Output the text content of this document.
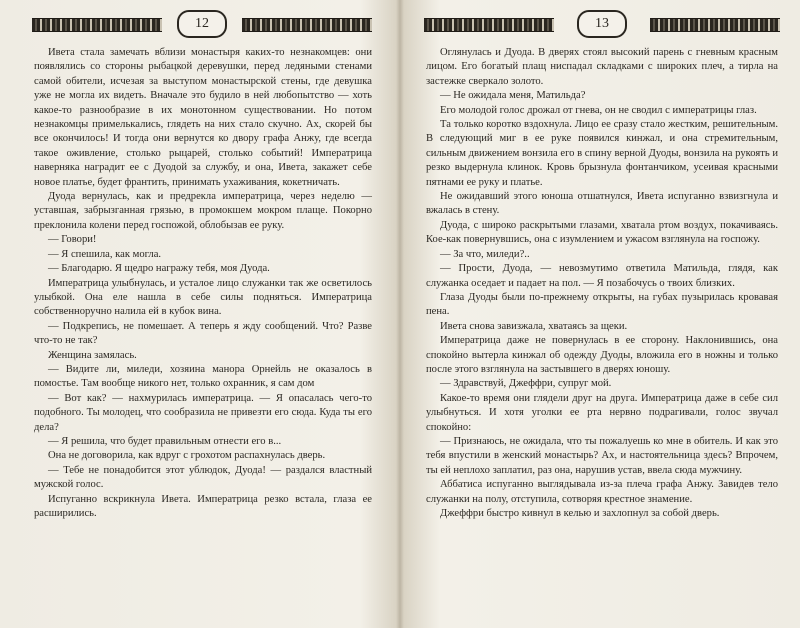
12

Ивета стала замечать вблизи монастыря каких-то незнакомцев: они появлялись со стороны рыбацкой деревушки, перед ледяными стенами самой обители, исчезая за выступом монастырской стены, где девушка уже не могла их видеть. Вначале это будило в ней любопытство — хоть какое-то разнообразие в их монотонном существовании. Но потом незнакомцы примелькались, глядеть на них стало скучно. Ах, скорей бы все окончилось! И тогда они вернутся ко двору графа Анжу, где всегда такое оживление, столько рыцарей, столько событий! Императрица наверняка наградит ее с Дуодой за службу, и она, Ивета, закажет себе новое платье, будет франтить, принимать ухаживания, кокетничать.

Дуода вернулась, как и предрекла императрица, через неделю — уставшая, забрызганная грязью, в промокшем мокром плаще. Покорно преклонила колени перед госпожой, облобызав ее руку.

— Говори!

— Я спешила, как могла.

— Благодарю. Я щедро награжу тебя, моя Дуода.

Императрица улыбнулась, и усталое лицо служанки так же осветилось улыбкой. Она еле нашла в себе силы подняться. Императрица собственноручно налила ей в кубок вина.

— Подкрепись, не помешает. А теперь я жду сообщений. Что? Разве что-то не так?

Женщина замялась.

— Видите ли, миледи, хозяина манора Орнейль не оказалось в помостье. Там вообще никого нет, только охранник, я сам дом

— Вот как? — нахмурилась императрица. — Я опасалась чего-то подобного. Ты молодец, что сообразила не привезти его сюда. Куда ты его дела?

— Я решила, что будет правильным отнести его в...

Она не договорила, как вдруг с грохотом распахнулась дверь.

— Тебе не понадобится этот ублюдок, Дуода! — раздался властный мужской голос.

Испуганно вскрикнула Ивета. Императрица резко встала, глаза ее расширились.

13

Оглянулась и Дуода. В дверях стоял высокий парень с гневным красным лицом. Его богатый плащ ниспадал складками с широких плеч, а тирла на застежке сверкало золото.

— Не ожидала меня, Матильда?

Его молодой голос дрожал от гнева, он не сводил с императрицы глаз.

Та только коротко вздохнула. Лицо ее сразу стало жестким, решительным. В следующий миг в ее руке появился кинжал, и она стремительным, сильным движением вонзила его в спину верной Дуоды, вонзила на рукоять и резко выдернула клинок. Кровь брызнула фонтанчиком, усеивая красными пятнами ее руку и платье.

Не ожидавший этого юноша отшатнулся, Ивета испуганно взвизгнула и вжалась в стену.

Дуода, с широко раскрытыми глазами, хватала ртом воздух, покачиваясь. Кое-как повернувшись, она с изумлением и ужасом взглянула на госпожу.

— За что, миледи?..

— Прости, Дуода, — невозмутимо ответила Матильда, глядя, как служанка оседает и падает на пол. — Я позабочусь о твоих близких.

Глаза Дуоды были по-прежнему открыты, на губах пузырилась кровавая пена.

Ивета снова завизжала, хватаясь за щеки.

Императрица даже не повернулась в ее сторону. Наклонившись, она спокойно вытерла кинжал об одежду Дуоды, вложила его в ножны и только после этого взглянула на застывшего в дверях юношу.

— Здравствуй, Джеффри, супруг мой.

Какое-то время они глядели друг на друга. Императрица даже в себе сил улыбнуться. И хотя уголки ее рта нервно подрагивали, голос звучал спокойно:

— Признаюсь, не ожидала, что ты пожалуешь ко мне в обитель. И как это тебя впустили в женский монастырь? Ах, и настоятельница здесь? Впрочем, ты ей неплохо заплатил, раз она, нарушив устав, ввела сюда мужчину.

Аббатиса испуганно выглядывала из-за плеча графа Анжу. Завидев тело служанки на полу, отступила, сотворяя крестное знамение.

Джеффри быстро кивнул в келью и захлопнул за собой дверь.
